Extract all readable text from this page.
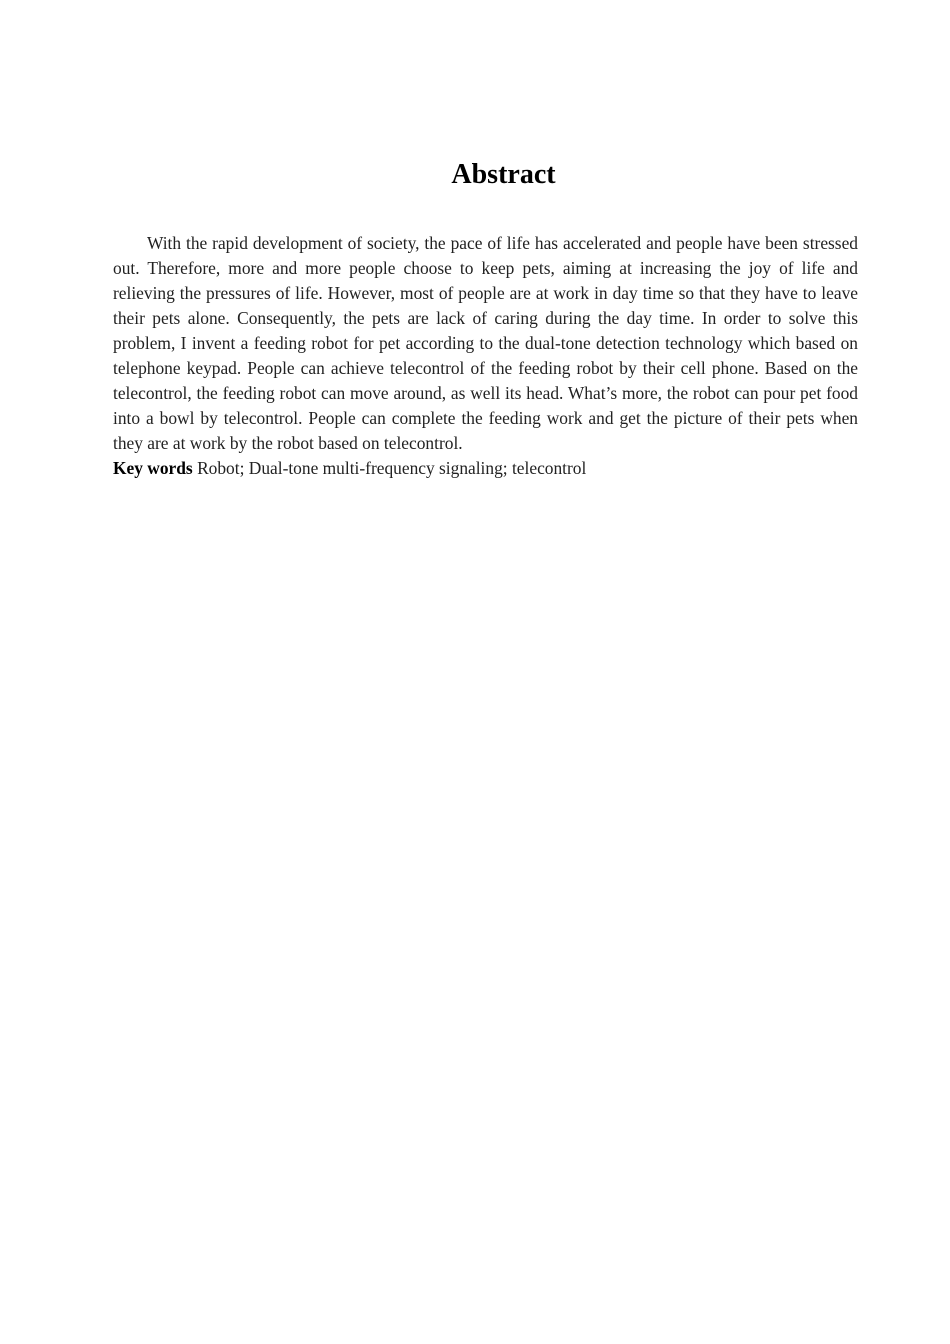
Abstract

With the rapid development of society, the pace of life has accelerated and people have been stressed out. Therefore, more and more people choose to keep pets, aiming at increasing the joy of life and relieving the pressures of life. However, most of people are at work in day time so that they have to leave their pets alone. Consequently, the pets are lack of caring during the day time. In order to solve this problem, I invent a feeding robot for pet according to the dual-tone detection technology which based on telephone keypad. People can achieve telecontrol of the feeding robot by their cell phone. Based on the telecontrol, the feeding robot can move around, as well its head. What’s more, the robot can pour pet food into a bowl by telecontrol. People can complete the feeding work and get the picture of their pets when they are at work by the robot based on telecontrol.

Key words Robot; Dual-tone multi-frequency signaling; telecontrol
